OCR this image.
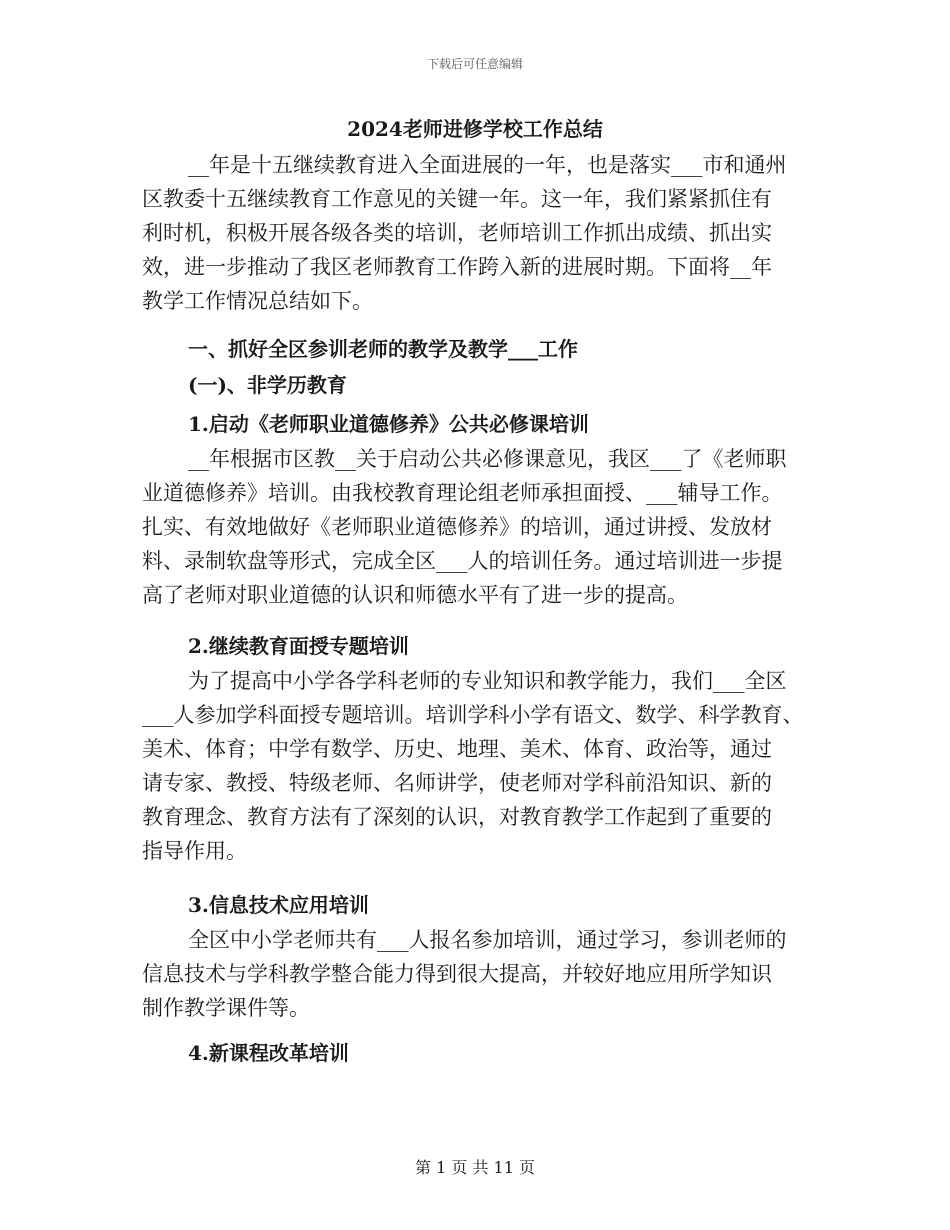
下载后可任意编辑
2024老师进修学校工作总结
__年是十五继续教育进入全面进展的一年，也是落实___市和通州
区教委十五继续教育工作意见的关键一年。这一年，我们紧紧抓住有
利时机，积极开展各级各类的培训，老师培训工作抓出成绩、抓出实
效，进一步推动了我区老师教育工作跨入新的进展时期。下面将__年
教学工作情况总结如下。
一、抓好全区参训老师的教学及教学___工作
(一)、非学历教育
1.启动《老师职业道德修养》公共必修课培训
__年根据市区教__关于启动公共必修课意见，我区___了《老师职
业道德修养》培训。由我校教育理论组老师承担面授、___辅导工作。
扎实、有效地做好《老师职业道德修养》的培训，通过讲授、发放材
料、录制软盘等形式，完成全区___人的培训任务。通过培训进一步提
高了老师对职业道德的认识和师德水平有了进一步的提高。
2.继续教育面授专题培训
为了提高中小学各学科老师的专业知识和教学能力，我们___全区
___人参加学科面授专题培训。培训学科小学有语文、数学、科学教育、
美术、体育；中学有数学、历史、地理、美术、体育、政治等，通过
请专家、教授、特级老师、名师讲学，使老师对学科前沿知识、新的
教育理念、教育方法有了深刻的认识，对教育教学工作起到了重要的
指导作用。
3.信息技术应用培训
全区中小学老师共有___人报名参加培训，通过学习，参训老师的
信息技术与学科教学整合能力得到很大提高，并较好地应用所学知识
制作教学课件等。
4.新课程改革培训
第 1 页 共 11 页
